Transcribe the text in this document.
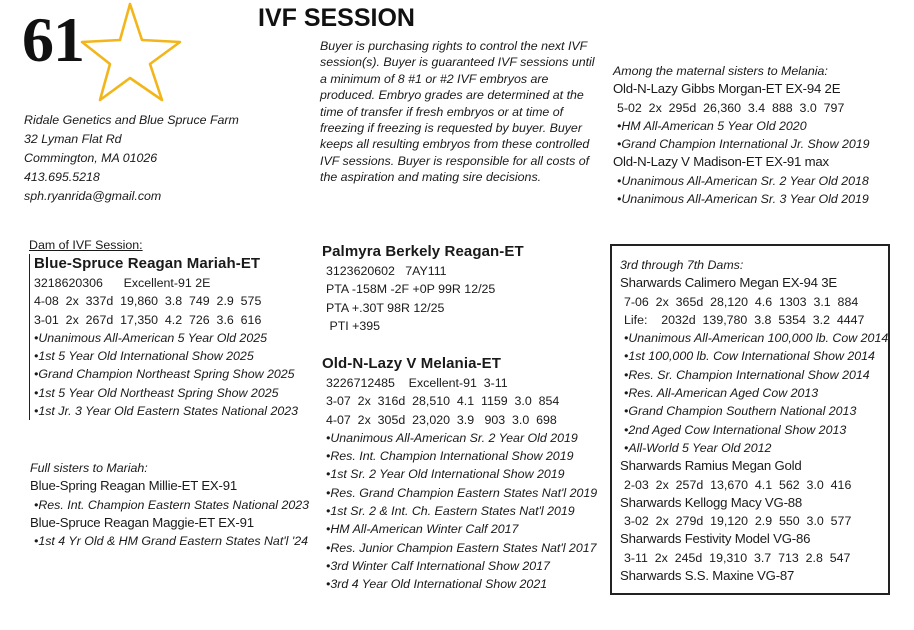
61	IVF SESSION
Buyer is purchasing rights to control the next IVF session(s). Buyer is guaranteed IVF sessions until a minimum of 8 #1 or #2 IVF embryos are produced. Embryo grades are determined at the time of transfer if fresh embryos or at time of freezing if freezing is requested by buyer. Buyer keeps all resulting embryos from these controlled IVF sessions. Buyer is responsible for all costs of the aspiration and mating sire decisions.
Ridale Genetics and Blue Spruce Farm
32 Lyman Flat Rd
Commington, MA 01026
413.695.5218
sph.ryanrida@gmail.com
Dam of IVF Session:
Blue-Spruce Reagan Mariah-ET
3218620306      Excellent-91 2E
4-08  2x  337d  19,860  3.8  749  2.9  575
3-01  2x  267d  17,350  4.2  726  3.6  616
•Unanimous All-American 5 Year Old 2025
•1st 5 Year Old International Show 2025
•Grand Champion Northeast Spring Show 2025
•1st 5 Year Old Northeast Spring Show 2025
•1st Jr. 3 Year Old Eastern States National 2023
Full sisters to Mariah:
Blue-Spring Reagan Millie-ET EX-91
•Res. Int. Champion Eastern States National 2023
Blue-Spruce Reagan Maggie-ET EX-91
•1st 4 Yr Old & HM Grand Eastern States Nat'l '24
Palmyra Berkely Reagan-ET
3123620602   7AY111
PTA -158M -2F +0P 99R 12/25
PTA +.30T 98R 12/25
PTI +395
Old-N-Lazy V Melania-ET
3226712485    Excellent-91  3-11
3-07  2x  316d  28,510  4.1  1159  3.0  854
4-07  2x  305d  23,020  3.9   903  3.0  698
•Unanimous All-American Sr. 2 Year Old 2019
•Res. Int. Champion International Show 2019
•1st Sr. 2 Year Old International Show 2019
•Res. Grand Champion Eastern States Nat'l 2019
•1st Sr. 2 & Int. Ch. Eastern States Nat'l 2019
•HM All-American Winter Calf 2017
•Res. Junior Champion Eastern States Nat'l 2017
•3rd Winter Calf International Show 2017
•3rd 4 Year Old International Show 2021
Among the maternal sisters to Melania:
Old-N-Lazy Gibbs Morgan-ET EX-94 2E
5-02  2x  295d  26,360  3.4  888  3.0  797
•HM All-American 5 Year Old 2020
•Grand Champion International Jr. Show 2019
Old-N-Lazy V Madison-ET EX-91 max
•Unanimous All-American Sr. 2 Year Old 2018
•Unanimous All-American Sr. 3 Year Old 2019
3rd through 7th Dams:
Sharwards Calimero Megan EX-94 3E
7-06  2x  365d  28,120  4.6  1303  3.1  884
Life:    2032d  139,780  3.8  5354  3.2  4447
•Unanimous All-American 100,000 lb. Cow 2014
•1st 100,000 lb. Cow International Show 2014
•Res. Sr. Champion International Show 2014
•Res. All-American Aged Cow 2013
•Grand Champion Southern National 2013
•2nd Aged Cow International Show 2013
•All-World 5 Year Old 2012
Sharwards Ramius Megan Gold
2-03  2x  257d  13,670  4.1  562  3.0  416
Sharwards Kellogg Macy VG-88
3-02  2x  279d  19,120  2.9  550  3.0  577
Sharwards Festivity Model VG-86
3-11  2x  245d  19,310  3.7  713  2.8  547
Sharwards S.S. Maxine VG-87
